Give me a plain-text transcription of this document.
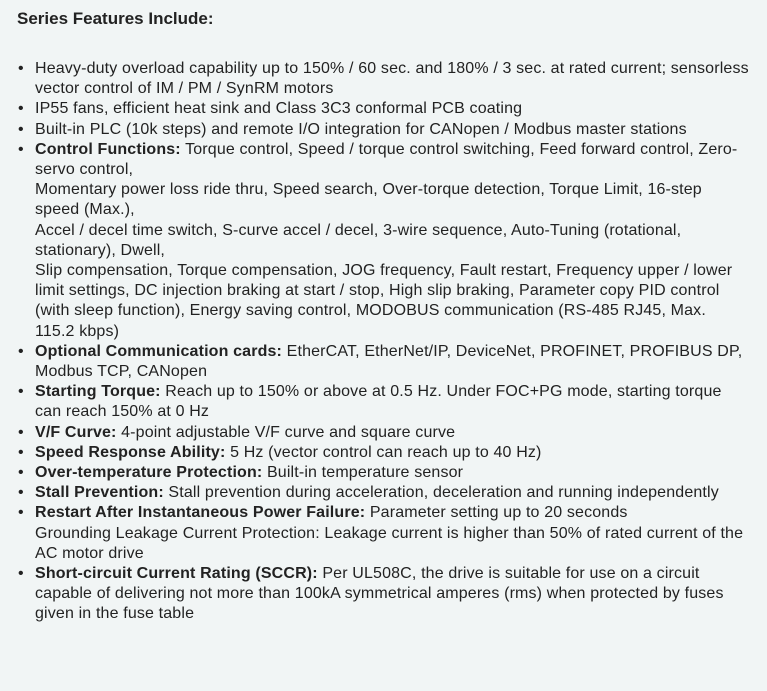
Series Features Include:
• Heavy-duty overload capability up to 150% / 60 sec. and 180% / 3 sec. at rated current; sensorless vector control of IM / PM / SynRM motors
• IP55 fans, efficient heat sink and Class 3C3 conformal PCB coating
• Built-in PLC (10k steps) and remote I/O integration for CANopen / Modbus master stations
• Control Functions: Torque control, Speed / torque control switching, Feed forward control, Zero-servo control,
Momentary power loss ride thru, Speed search, Over-torque detection, Torque Limit, 16-step speed (Max.),
Accel / decel time switch, S-curve accel / decel, 3-wire sequence, Auto-Tuning (rotational, stationary), Dwell,
Slip compensation, Torque compensation, JOG frequency, Fault restart, Frequency upper / lower limit settings, DC injection braking at start / stop, High slip braking, Parameter copy PID control (with sleep function), Energy saving control, MODOBUS communication (RS-485 RJ45, Max. 115.2 kbps)
• Optional Communication cards: EtherCAT, EtherNet/IP, DeviceNet, PROFINET, PROFIBUS DP, Modbus TCP, CANopen
• Starting Torque: Reach up to 150% or above at 0.5 Hz. Under FOC+PG mode, starting torque can reach 150% at 0 Hz
• V/F Curve: 4-point adjustable V/F curve and square curve
• Speed Response Ability: 5 Hz (vector control can reach up to 40 Hz)
• Over-temperature Protection: Built-in temperature sensor
• Stall Prevention: Stall prevention during acceleration, deceleration and running independently
• Restart After Instantaneous Power Failure: Parameter setting up to 20 seconds
Grounding Leakage Current Protection: Leakage current is higher than 50% of rated current of the AC motor drive
• Short-circuit Current Rating (SCCR): Per UL508C, the drive is suitable for use on a circuit capable of delivering not more than 100kA symmetrical amperes (rms) when protected by fuses given in the fuse table
